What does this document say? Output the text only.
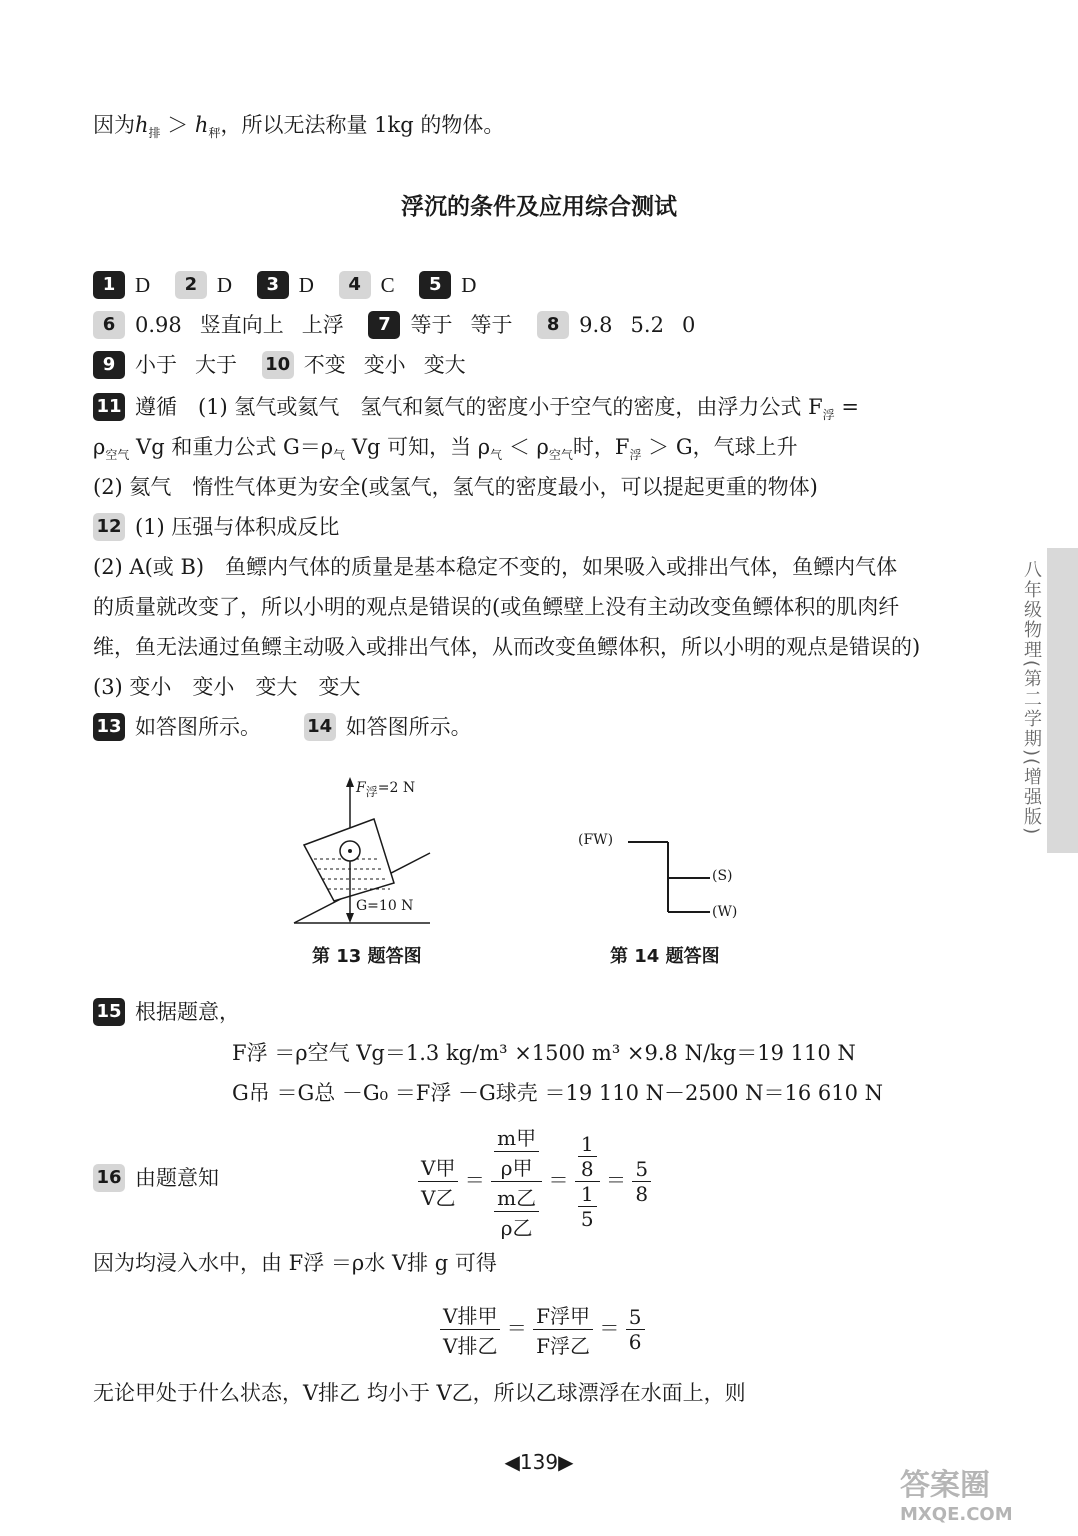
因为$h_排 > h_秤$，所以无法称量 1kg 的物体。
浮沉的条件及应用综合测试
1 D 2 D 3 D 4 C 5 D
6 0.98 竖直向上 上浮 7 等于 等于 8 9.8 5.2 0
9 小于 大于 10 不变 变小 变大
11 遵循　(1) 氢气或氦气　氢气和氦气的密度小于空气的密度，由浮力公式 $F_浮$ =
$\rho_{空气}$ Vg 和重力公式 $G=\rho_气$ Vg 可知，当 $\rho_气 < \rho_{空气}$时，$F_浮 > G$，气球上升
(2) 氦气　惰性气体更为安全(或氢气，氢气的密度最小，可以提起更重的物体)
12 (1) 压强与体积成反比
(2) A(或 B)　鱼鳔内气体的质量是基本稳定不变的，如果吸入或排出气体，鱼鳔内气体
的质量就改变了，所以小明的观点是错误的(或鱼鳔壁上没有主动改变鱼鳔体积的肌肉纤
维，鱼无法通过鱼鳔主动吸入或排出气体，从而改变鱼鳔体积，所以小明的观点是错误的)
(3) 变小　变小　变大　变大
13 如答图所示。	14 如答图所示。
$F_浮=2$ N
G=10 N
第 13 题答图
(FW)
(S)
(W)
第 14 题答图
15 根据题意，
F浮 ＝ρ空气 Vg＝1.3 kg/m³ ×1500 m³ ×9.8 N/kg＝19 110 N
G吊 ＝G总 －G₀ ＝F浮 －G球壳 ＝19 110 N－2500 N＝16 610 N
16 由题意知	$\frac{\text{V甲}}{\text{V乙}} = \frac{\frac{\text{m甲}}{\text{ρ甲}}}{\frac{\text{m乙}}{\text{ρ乙}}} = \frac{\frac{1}{8}}{\frac{1}{5}} = \frac{5}{8}$
因为均浸入水中，由 F浮 ＝ρ水 V排 g 可得
$\frac{\text{V排甲}}{\text{V排乙}} = \frac{\text{F浮甲}}{\text{F浮乙}} = \frac{5}{6}$
无论甲处于什么状态，V排乙 均小于 V乙，所以乙球漂浮在水面上，则
◀139▶
八年级物理(第二学期)(增强版)
答案圈
MXQE.COM
